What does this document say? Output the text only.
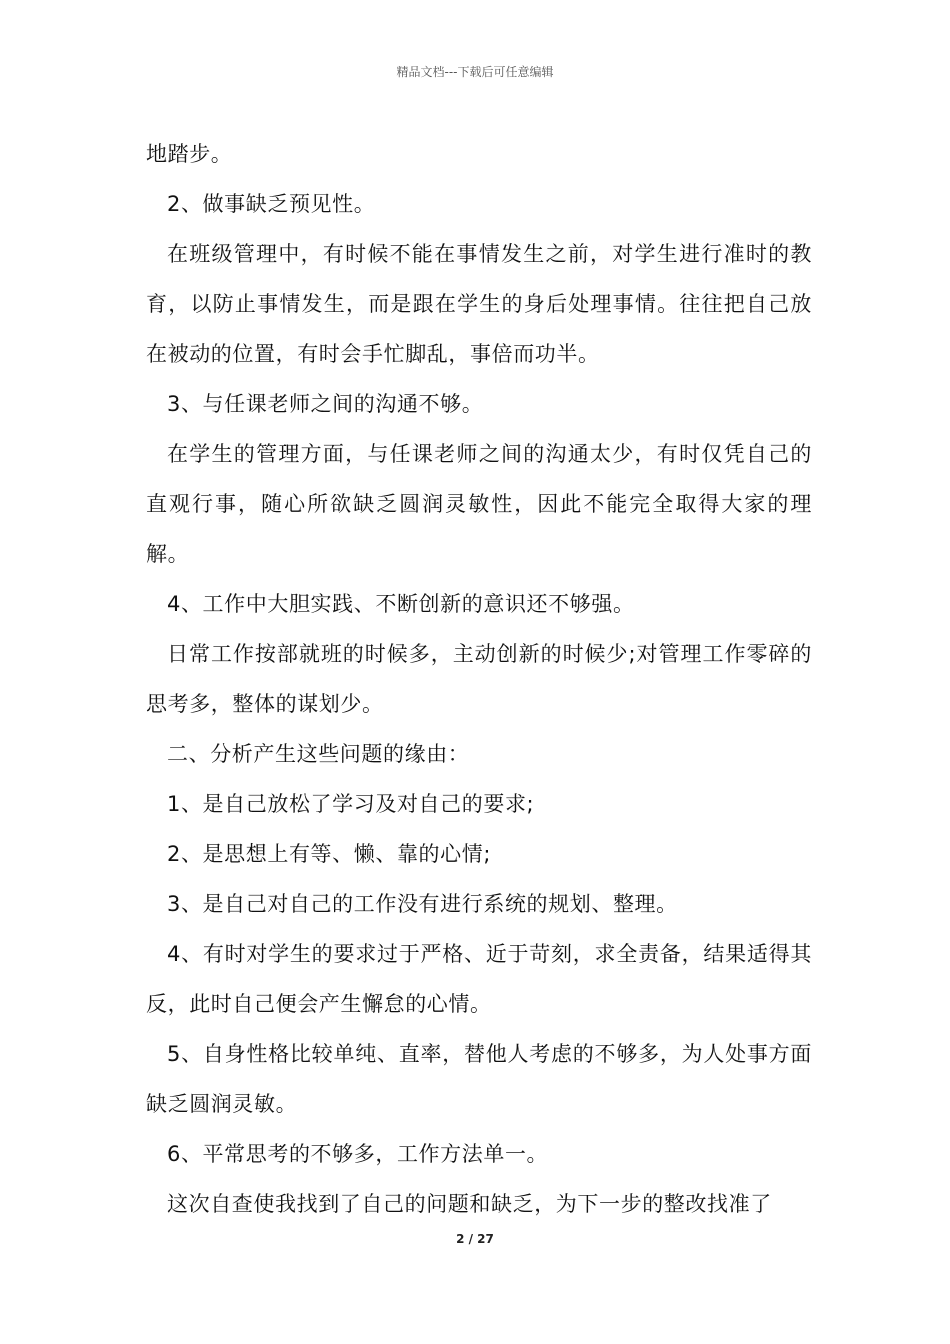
精品文档---下载后可任意编辑

地踏步。

2、做事缺乏预见性。

在班级管理中，有时候不能在事情发生之前，对学生进行准时的教育，以防止事情发生，而是跟在学生的身后处理事情。往往把自己放在被动的位置，有时会手忙脚乱，事倍而功半。

3、与任课老师之间的沟通不够。

在学生的管理方面，与任课老师之间的沟通太少，有时仅凭自己的直观行事，随心所欲缺乏圆润灵敏性，因此不能完全取得大家的理解。

4、工作中大胆实践、不断创新的意识还不够强。

日常工作按部就班的时候多，主动创新的时候少;对管理工作零碎的思考多，整体的谋划少。

二、分析产生这些问题的缘由：

1、是自己放松了学习及对自己的要求;

2、是思想上有等、懒、靠的心情;

3、是自己对自己的工作没有进行系统的规划、整理。

4、有时对学生的要求过于严格、近于苛刻，求全责备，结果适得其反，此时自己便会产生懈怠的心情。

5、自身性格比较单纯、直率，替他人考虑的不够多，为人处事方面缺乏圆润灵敏。

6、平常思考的不够多，工作方法单一。

这次自查使我找到了自己的问题和缺乏，为下一步的整改找准了

2 / 27
